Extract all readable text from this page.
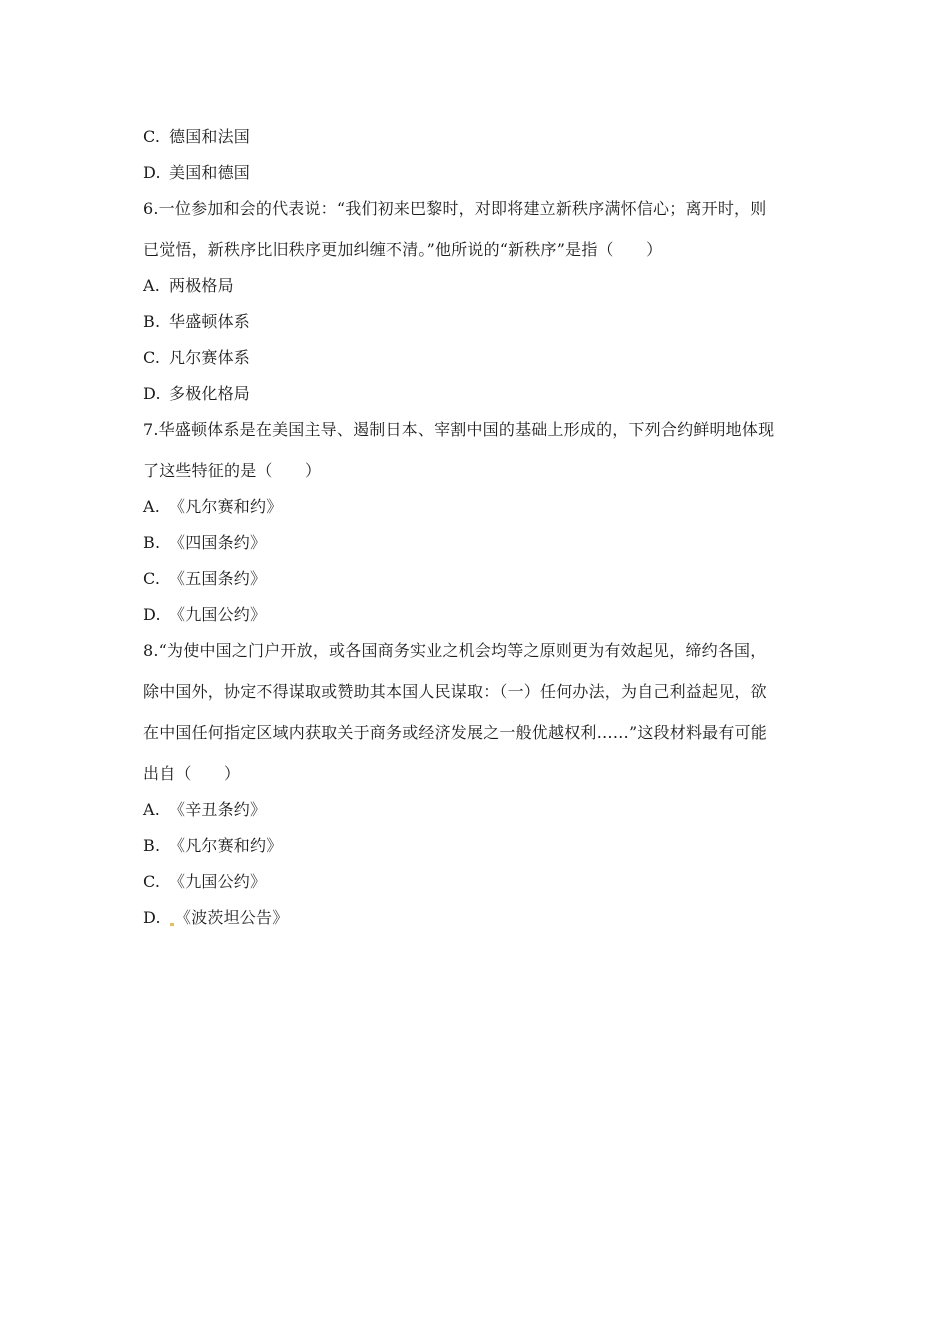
C. 德国和法国
D. 美国和德国
6.一位参加和会的代表说：“我们初来巴黎时，对即将建立新秩序满怀信心；离开时，则
已觉悟，新秩序比旧秩序更加纠缠不清。”他所说的“新秩序”是指（　　）
A. 两极格局
B. 华盛顿体系
C. 凡尔赛体系
D. 多极化格局
7.华盛顿体系是在美国主导、遏制日本、宰割中国的基础上形成的，下列合约鲜明地体现
了这些特征的是（　　）
A. 《凡尔赛和约》
B. 《四国条约》
C. 《五国条约》
D. 《九国公约》
8.“为使中国之门户开放，或各国商务实业之机会均等之原则更为有效起见，缔约各国，
除中国外，协定不得谋取或赞助其本国人民谋取：（一）任何办法，为自己利益起见，欲
在中国任何指定区域内获取关于商务或经济发展之一般优越权利……”这段材料最有可能
出自（　　）
A. 《辛丑条约》
B. 《凡尔赛和约》
C. 《九国公约》
D. 《波茨坦公告》
